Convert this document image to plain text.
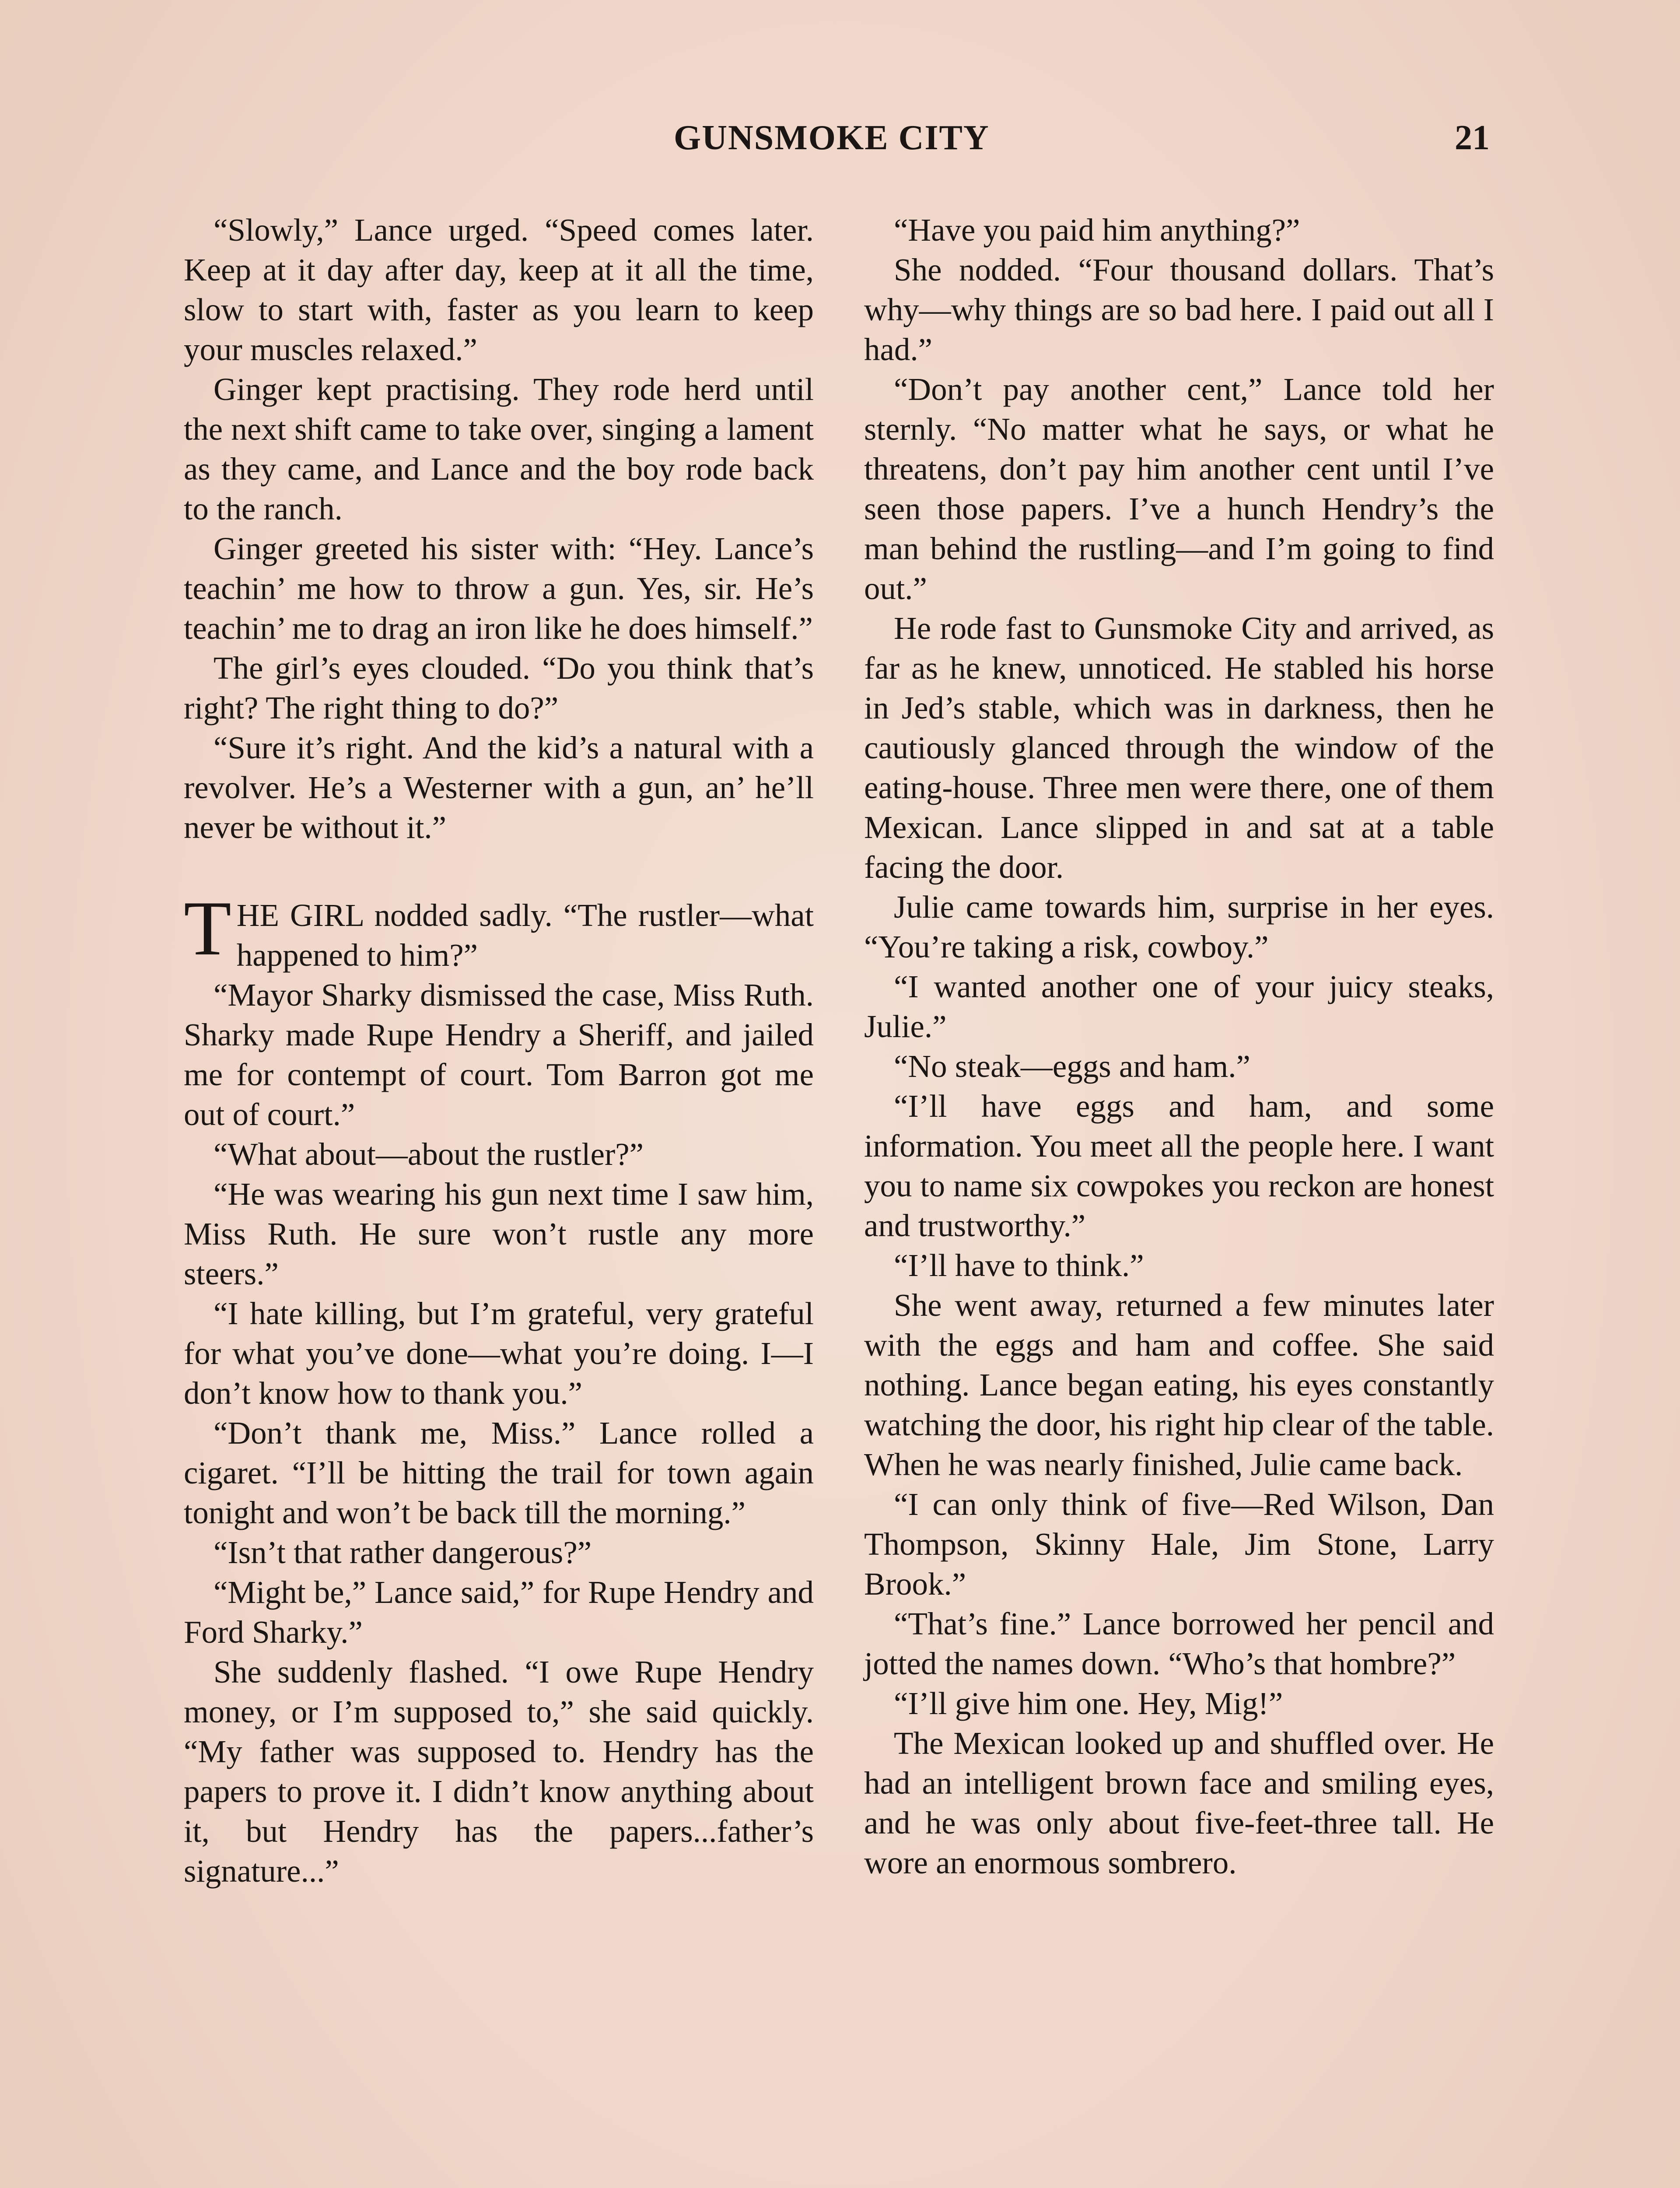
GUNSMOKE CITY	21

“Slowly,” Lance urged. “Speed comes later. Keep at it day after day, keep at it all the time, slow to start with, faster as you learn to keep your muscles relaxed.”

Ginger kept practising. They rode herd until the next shift came to take over, singing a lament as they came, and Lance and the boy rode back to the ranch.

Ginger greeted his sister with: “Hey. Lance’s teachin’ me how to throw a gun. Yes, sir. He’s teachin’ me to drag an iron like he does himself.”

The girl’s eyes clouded. “Do you think that’s right? The right thing to do?”

“Sure it’s right. And the kid’s a natural with a revolver. He’s a Westerner with a gun, an’ he’ll never be without it.”

THE GIRL nodded sadly. “The rustler—what happened to him?”

“Mayor Sharky dismissed the case, Miss Ruth. Sharky made Rupe Hendry a Sheriff, and jailed me for contempt of court. Tom Barron got me out of court.”

“What about—about the rustler?”

“He was wearing his gun next time I saw him, Miss Ruth. He sure won’t rustle any more steers.”

“I hate killing, but I’m grateful, very grateful for what you’ve done—what you’re doing. I—I don’t know how to thank you.”

“Don’t thank me, Miss.” Lance rolled a cigaret. “I’ll be hitting the trail for town again tonight and won’t be back till the morning.”

“Isn’t that rather dangerous?”

“Might be,” Lance said,” for Rupe Hendry and Ford Sharky.”

She suddenly flashed. “I owe Rupe Hendry money, or I’m supposed to,” she said quickly. “My father was supposed to. Hendry has the papers to prove it. I didn’t know anything about it, but Hendry has the papers...father’s signature...”

“Have you paid him anything?”

She nodded. “Four thousand dollars. That’s why—why things are so bad here. I paid out all I had.”

“Don’t pay another cent,” Lance told her sternly. “No matter what he says, or what he threatens, don’t pay him another cent until I’ve seen those papers. I’ve a hunch Hendry’s the man behind the rustling—and I’m going to find out.”

He rode fast to Gunsmoke City and arrived, as far as he knew, unnoticed. He stabled his horse in Jed’s stable, which was in darkness, then he cautiously glanced through the window of the eating-house. Three men were there, one of them Mexican. Lance slipped in and sat at a table facing the door.

Julie came towards him, surprise in her eyes. “You’re taking a risk, cowboy.”

“I wanted another one of your juicy steaks, Julie.”

“No steak—eggs and ham.”

“I’ll have eggs and ham, and some information. You meet all the people here. I want you to name six cowpokes you reckon are honest and trustworthy.”

“I’ll have to think.”

She went away, returned a few minutes later with the eggs and ham and coffee. She said nothing. Lance began eating, his eyes constantly watching the door, his right hip clear of the table. When he was nearly finished, Julie came back.

“I can only think of five—Red Wilson, Dan Thompson, Skinny Hale, Jim Stone, Larry Brook.”

“That’s fine.” Lance borrowed her pencil and jotted the names down. “Who’s that hombre?”

“I’ll give him one. Hey, Mig!”

The Mexican looked up and shuffled over. He had an intelligent brown face and smiling eyes, and he was only about five-feet-three tall. He wore an enormous sombrero.
